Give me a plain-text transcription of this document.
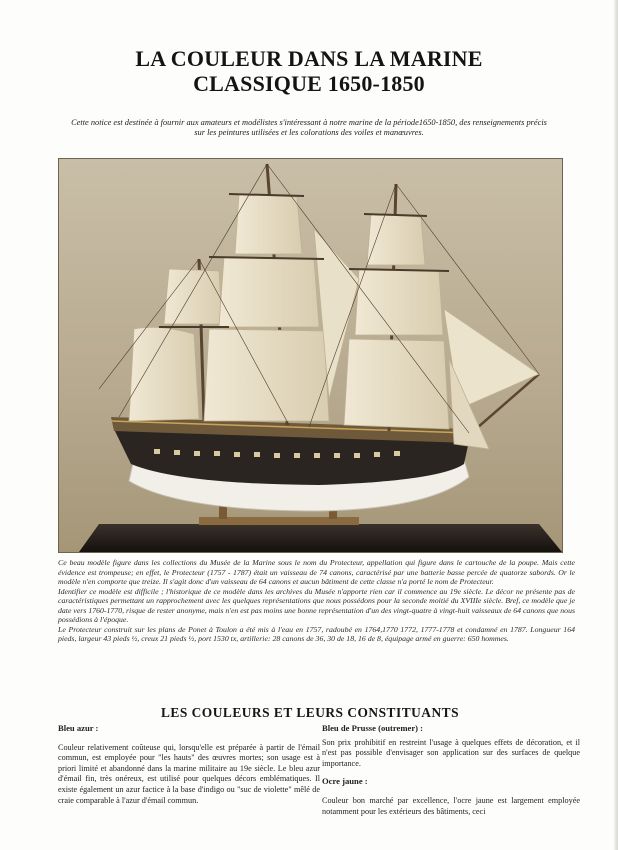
LA COULEUR DANS LA MARINE
CLASSIQUE 1650-1850
Cette notice est destinée à fournir aux amateurs et modélistes s'intéressant à notre marine de la période1650-1850, des renseignements précis sur les peintures utilisées et les colorations des voiles et manœuvres.

Ce beau modèle figure dans les collections du Musée de la Marine sous le nom du Protecteur, appellation qui figure dans le cartouche de la poupe. Mais cette évidence est trompeuse; en effet, le Protecteur (1757 - 1787) était un vaisseau de 74 canons, caractérisé par une batterie basse percée de quatorze sabords. Or le modèle n'en comporte que treize. Il s'agit donc d'un vaisseau de 64 canons et aucun bâtiment de cette classe n'a porté le nom de Protecteur.

Identifier ce modèle est difficile ; l'historique de ce modèle dans les archives du Musée n'apporte rien car il commence au 19e siècle. Le décor ne présente pas de caractéristiques permettant un rapprochement avec les quelques représentations que nous possédons pour la seconde moitié du XVIIIe siècle. Bref, ce modèle que je date vers 1760-1770, risque de rester anonyme, mais n'en est pas moins une bonne représentation d'un des vingt-quatre à vingt-huit vaisseaux de 64 canons que nous possédions à l'époque.

Le Protecteur construit sur les plans de Ponet à Toulon a été mis à l'eau en 1757, radoubé en 1764,1770 1772, 1777-1778 et condamné en 1787. Longueur 164 pieds, largeur 43 pieds ½, creux 21 pieds ½, port 1530 tx, artillerie: 28 canons de 36, 30 de 18, 16 de 8, équipage armé en guerre: 650 hommes.

LES COULEURS ET LEURS CONSTITUANTS
Bleu azur :

Couleur relativement coûteuse qui, lorsqu'elle est préparée à partir de l'émail commun, est employée pour "les hauts" des œuvres mortes; son usage est à priori limité et abandonné dans la marine militaire au 19e siècle. Le bleu azur d'émail fin, très onéreux, est utilisé pour quelques décors emblématiques. Il existe également un azur factice à la base d'indigo ou "suc de violette" mêlé de craie comparable à l'azur d'émail commun.

Bleu de Prusse (outremer) :

Son prix prohibitif en restreint l'usage à quelques effets de décoration, et il n'est pas possible d'envisager son application sur des surfaces de quelque importance.

Ocre jaune :

Couleur bon marché par excellence, l'ocre jaune est largement employée notamment pour les extérieurs des bâtiments, ceci
